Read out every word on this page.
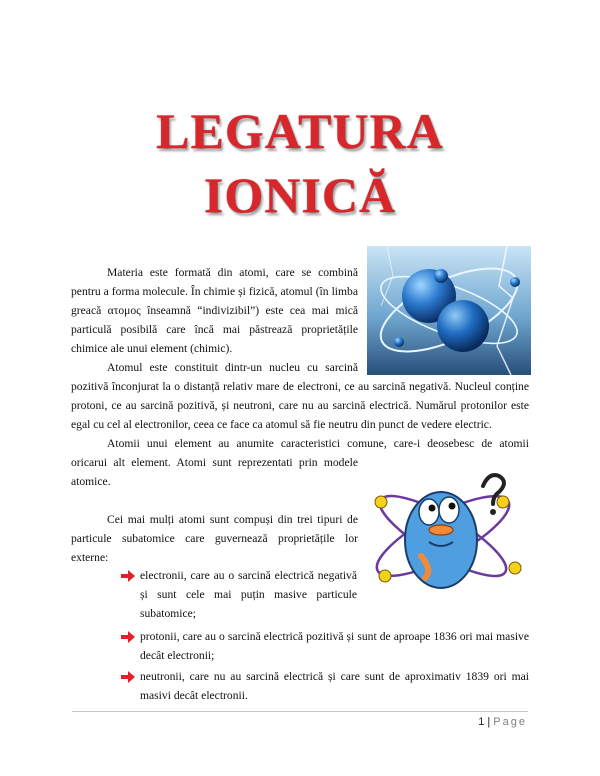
LEGATURA
IONICĂ

Materia este formată din atomi, care se combină pentru a forma molecule. În chimie și fizică, atomul (în limba greacă ατομος înseamnă “indivizibil”) este cea mai mică particulă posibilă care încă mai păstrează proprietățile chimice ale unui element (chimic).

Atomul este constituit dintr-un nucleu cu sarcină

pozitivă înconjurat la o distanță relativ mare de electroni, ce au sarcină negativă. Nucleul conține protoni, ce au sarcină pozitivă, și neutroni, care nu au sarcină electrică. Numărul protonilor este egal cu cel al electronilor, ceea ce face ca atomul să fie neutru din punct de vedere electric.

Atomii unui element au anumite caracteristici comune, care-i deosebesc de atomii

oricarui alt element. Atomi sunt reprezentati prin modele atomice.

Cei mai mulți atomi sunt compuși din trei tipuri de particule subatomice care guvernează proprietățile lor externe:

electronii, care au o sarcină electrică negativă și sunt cele mai puțin masive particule subatomice;

protonii, care au o sarcină electrică pozitivă și sunt de aproape 1836 ori mai masive decât electronii;

neutronii, care nu au sarcină electrică și care sunt de aproximativ 1839 ori mai masivi decât electronii.

1 | Page
